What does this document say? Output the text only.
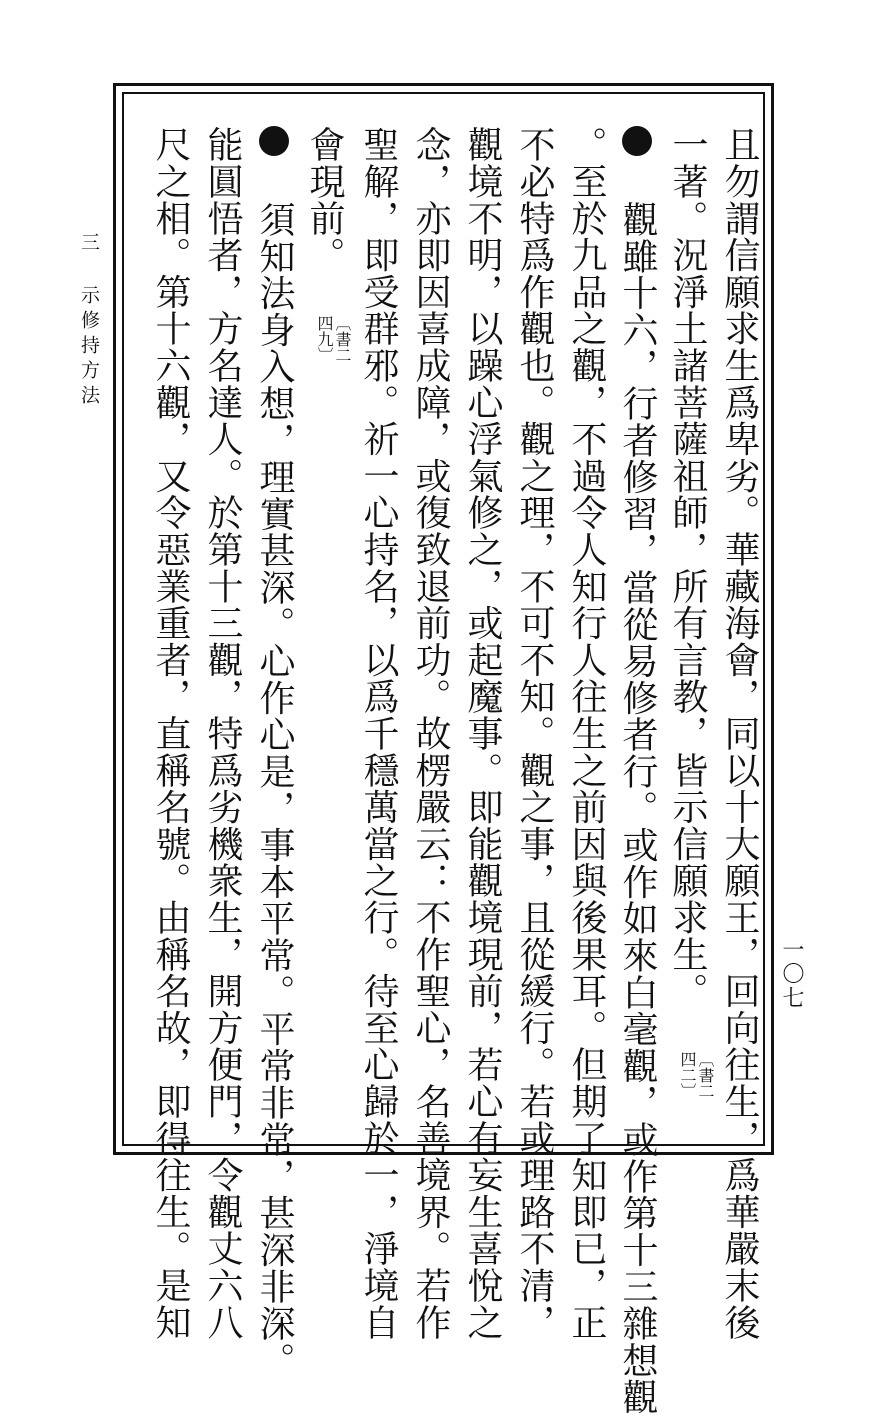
且勿謂信願求生爲卑劣。華藏海會，同以十大願王，回向往生，爲華嚴末後
一著。況淨土諸菩薩祖師，所有言教，皆示信願求生。
〔書二
四二〕
觀雖十六，行者修習，當從易修者行。或作如來白毫觀，或作第十三雜想觀
。至於九品之觀，不過令人知行人往生之前因與後果耳。但期了知即已，正
不必特爲作觀也。觀之理，不可不知。觀之事，且從緩行。若或理路不清，
觀境不明，以躁心浮氣修之，或起魔事。即能觀境現前，若心有妄生喜悅之
念，亦即因喜成障，或復致退前功。故楞嚴云：不作聖心，名善境界。若作
聖解，即受群邪。祈一心持名，以爲千穩萬當之行。待至心歸於一，淨境自
會現前。
〔書二
四九〕
須知法身入想，理實甚深。心作心是，事本平常。平常非常，甚深非深。
能圓悟者，方名達人。於第十三觀，特爲劣機衆生，開方便門，令觀丈六八
尺之相。第十六觀，又令惡業重者，直稱名號。由稱名故，即得往生。是知
三 示修持方法
一〇七
